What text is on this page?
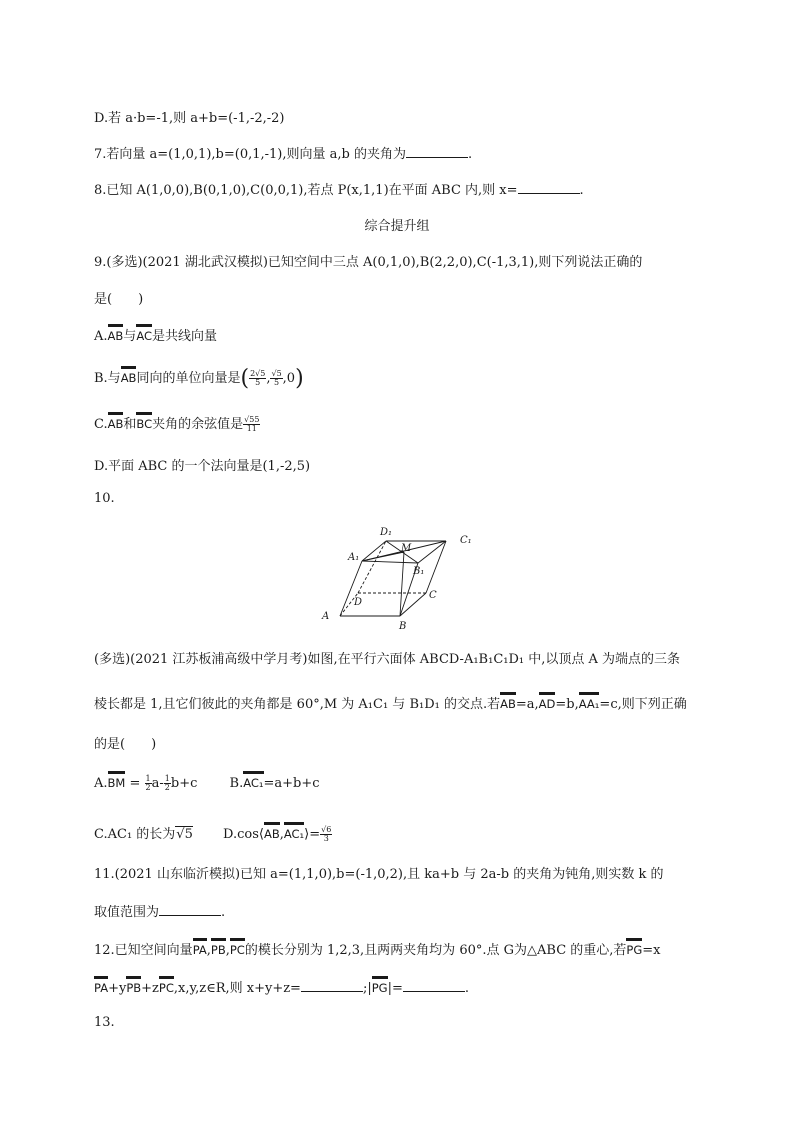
D.若 a·b=-1,则 a+b=(-1,-2,-2)
7.若向量 a=(1,0,1),b=(0,1,-1),则向量 a,b 的夹角为	.
8.已知 A(1,0,0),B(0,1,0),C(0,0,1),若点 P(x,1,1)在平面 ABC 内,则 x=	.
综合提升组
9.(多选)(2021 湖北武汉模拟)已知空间中三点 A(0,1,0),B(2,2,0),C(-1,3,1),则下列说法正确的
是(　　)
A.AB与AC是共线向量
B.与AB同向的单位向量是( $\frac{2√5}{5}$ , $\frac{√5}{5} ,0$)
C.AB和BC夹角的余弦值是 $\frac{√55}{11}$
D.平面 ABC 的一个法向量是(1,-2,5)
10.
D₁
C₁
A₁
M
B₁
D
C
A
B
(多选)(2021 江苏板浦高级中学月考)如图,在平行六面体 ABCD-A₁B₁C₁D₁ 中,以顶点 A 为端点的三条
棱长都是 1,且它们彼此的夹角都是 60°,M 为 A₁C₁ 与 B₁D₁ 的交点.若AB=a,AD=b,AA₁=c,则下列正确
的是(　　)
$A.BM = \frac{1}{2} a- \frac{1}{2} b+c$ B.AC₁=a+b+c
C.AC₁ 的长为√5 D.cos⟨AB,AC₁⟩= $\frac{√6}{3}$
11.(2021 山东临沂模拟)已知 a=(1,1,0),b=(-1,0,2),且 ka+b 与 2a-b 的夹角为钝角,则实数 k 的
取值范围为	.
12.已知空间向量PA,PB,PC的模长分别为 1,2,3,且两两夹角均为 60°.点 G为△ABC 的重心,若PG=x
PA+yPB+zPC,x,y,z∈R,则 x+y+z=	;|PG|=	.
13.
